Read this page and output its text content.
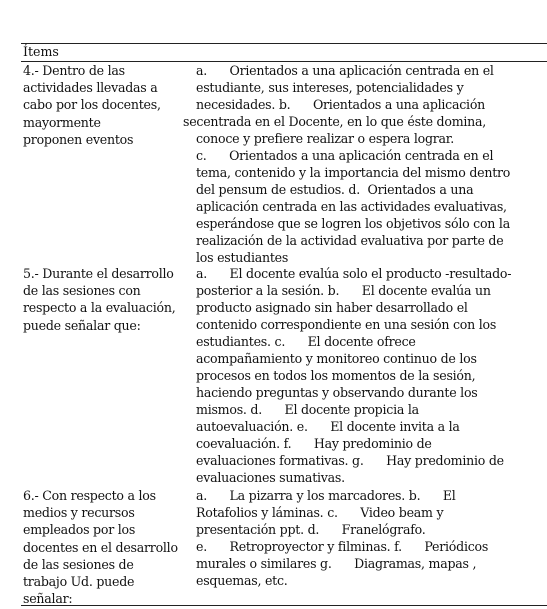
Ítems
4.- Dentro de las
actividades llevadas a
cabo por los docentes,
mayormente
proponen eventos
a.      Orientados a una aplicación centrada en el
estudiante, sus intereses, potencialidades y
necesidades. b.      Orientados a una aplicación
secentrada en el Docente, en lo que éste domina,
conoce y prefiere realizar o espera lograr.
c.      Orientados a una aplicación centrada en el
tema, contenido y la importancia del mismo dentro
del pensum de estudios. d.  Orientados a una
aplicación centrada en las actividades evaluativas,
esperándose que se logren los objetivos sólo con la
realización de la actividad evaluativa por parte de
los estudiantes
5.- Durante el desarrollo
de las sesiones con
respecto a la evaluación,
puede señalar que:
a.      El docente evalúa solo el producto -resultado-
posterior a la sesión. b.      El docente evalúa un
producto asignado sin haber desarrollado el
contenido correspondiente en una sesión con los
estudiantes. c.      El docente ofrece
acompañamiento y monitoreo continuo de los
procesos en todos los momentos de la sesión,
haciendo preguntas y observando durante los
mismos. d.      El docente propicia la
autoevaluación. e.      El docente invita a la
coevaluación. f.      Hay predominio de
evaluaciones formativas. g.      Hay predominio de
evaluaciones sumativas.
6.- Con respecto a los
medios y recursos
empleados por los
docentes en el desarrollo
de las sesiones de
trabajo Ud. puede
señalar:
a.      La pizarra y los marcadores. b.      El
Rotafolios y láminas. c.      Video beam y
presentación ppt. d.      Franelógrafo.
e.      Retroproyector y filminas. f.      Periódicos
murales o similares g.      Diagramas, mapas ,
esquemas, etc.
